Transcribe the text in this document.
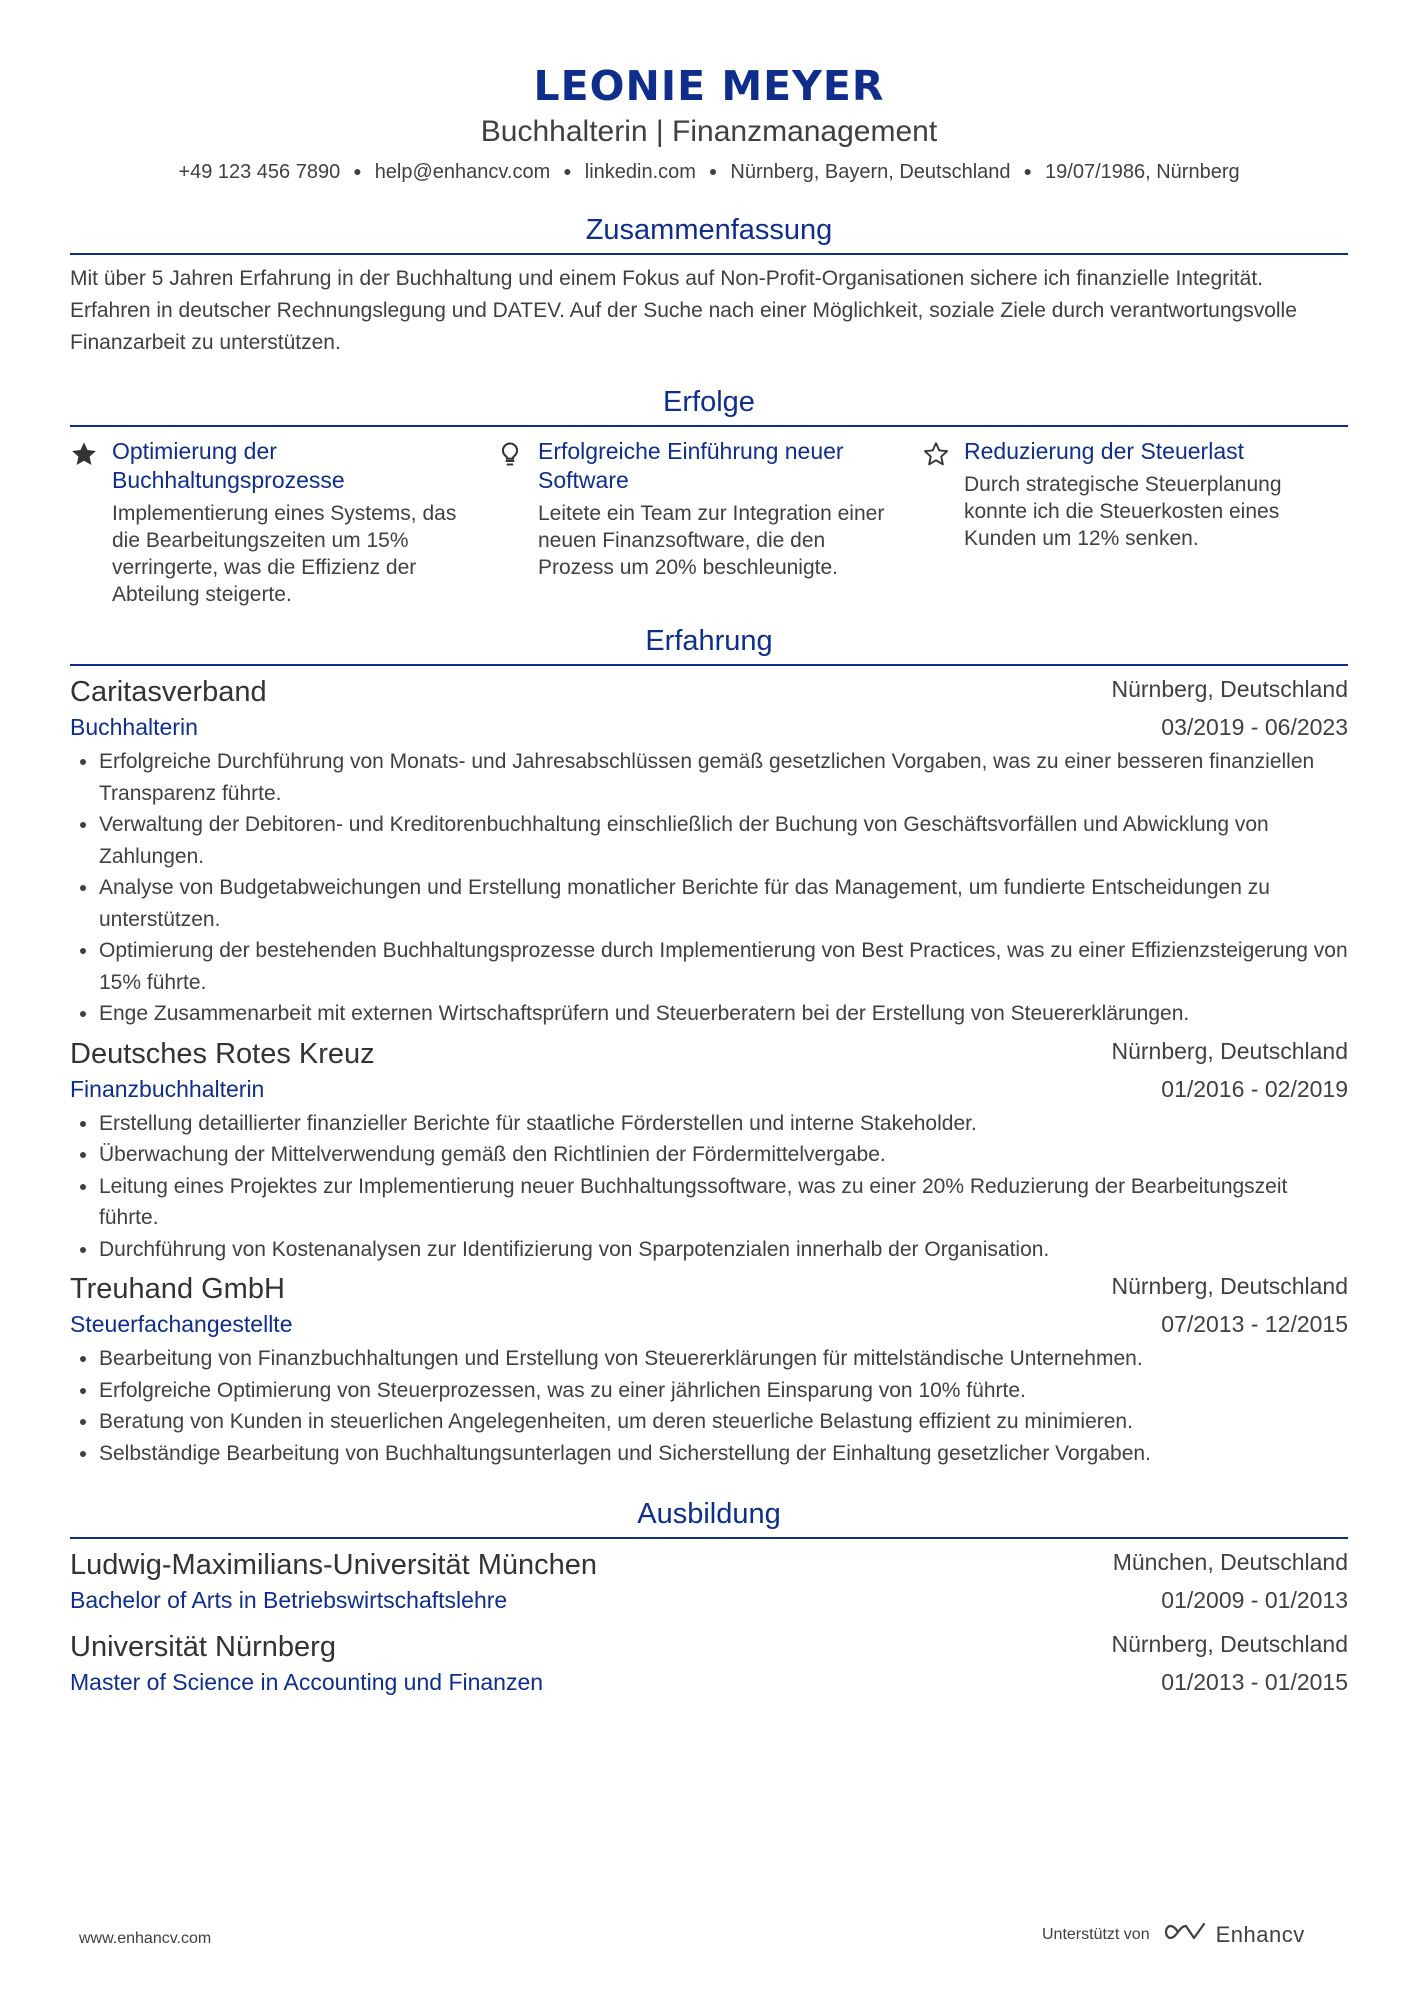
LEONIE MEYER
Buchhalterin | Finanzmanagement
+49 123 456 7890 ● help@enhancv.com ● linkedin.com ● Nürnberg, Bayern, Deutschland ● 19/07/1986, Nürnberg
Zusammenfassung
Mit über 5 Jahren Erfahrung in der Buchhaltung und einem Fokus auf Non-Profit-Organisationen sichere ich finanzielle Integrität. Erfahren in deutscher Rechnungslegung und DATEV. Auf der Suche nach einer Möglichkeit, soziale Ziele durch verantwortungsvolle Finanzarbeit zu unterstützen.
Erfolge
Optimierung der Buchhaltungsprozesse
Implementierung eines Systems, das die Bearbeitungszeiten um 15% verringerte, was die Effizienz der Abteilung steigerte.
Erfolgreiche Einführung neuer Software
Leitete ein Team zur Integration einer neuen Finanzsoftware, die den Prozess um 20% beschleunigte.
Reduzierung der Steuerlast
Durch strategische Steuerplanung konnte ich die Steuerkosten eines Kunden um 12% senken.
Erfahrung
Caritasverband	Nürnberg, Deutschland
Buchhalterin	03/2019 - 06/2023
• Erfolgreiche Durchführung von Monats- und Jahresabschlüssen gemäß gesetzlichen Vorgaben, was zu einer besseren finanziellen Transparenz führte.
• Verwaltung der Debitoren- und Kreditorenbuchhaltung einschließlich der Buchung von Geschäftsvorfällen und Abwicklung von Zahlungen.
• Analyse von Budgetabweichungen und Erstellung monatlicher Berichte für das Management, um fundierte Entscheidungen zu unterstützen.
• Optimierung der bestehenden Buchhaltungsprozesse durch Implementierung von Best Practices, was zu einer Effizienzsteigerung von 15% führte.
• Enge Zusammenarbeit mit externen Wirtschaftsprüfern und Steuerberatern bei der Erstellung von Steuererklärungen.
Deutsches Rotes Kreuz	Nürnberg, Deutschland
Finanzbuchhalterin	01/2016 - 02/2019
• Erstellung detaillierter finanzieller Berichte für staatliche Förderstellen und interne Stakeholder.
• Überwachung der Mittelverwendung gemäß den Richtlinien der Fördermittelvergabe.
• Leitung eines Projektes zur Implementierung neuer Buchhaltungssoftware, was zu einer 20% Reduzierung der Bearbeitungszeit führte.
• Durchführung von Kostenanalysen zur Identifizierung von Sparpotenzialen innerhalb der Organisation.
Treuhand GmbH	Nürnberg, Deutschland
Steuerfachangestellte	07/2013 - 12/2015
• Bearbeitung von Finanzbuchhaltungen und Erstellung von Steuererklärungen für mittelständische Unternehmen.
• Erfolgreiche Optimierung von Steuerprozessen, was zu einer jährlichen Einsparung von 10% führte.
• Beratung von Kunden in steuerlichen Angelegenheiten, um deren steuerliche Belastung effizient zu minimieren.
• Selbständige Bearbeitung von Buchhaltungsunterlagen und Sicherstellung der Einhaltung gesetzlicher Vorgaben.
Ausbildung
Ludwig-Maximilians-Universität München	München, Deutschland
Bachelor of Arts in Betriebswirtschaftslehre	01/2009 - 01/2013
Universität Nürnberg	Nürnberg, Deutschland
Master of Science in Accounting und Finanzen	01/2013 - 01/2015
www.enhancv.com	Unterstützt von	Enhancv
